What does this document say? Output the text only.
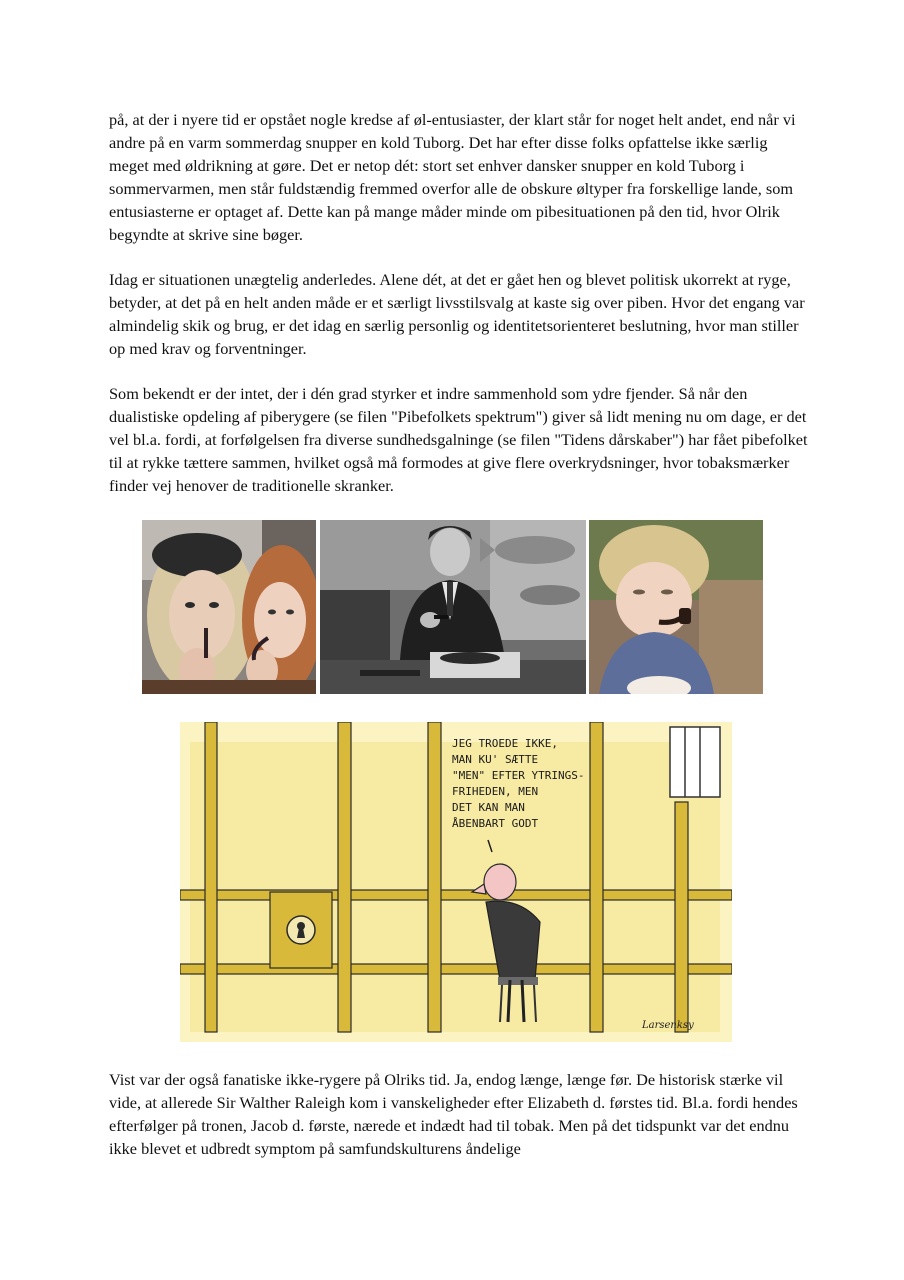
på, at der i nyere tid er opstået nogle kredse af øl-entusiaster, der klart står for noget helt andet, end når vi andre på en varm sommerdag snupper en kold Tuborg. Det har efter disse folks opfattelse ikke særlig meget med øldrikning at gøre. Det er netop dét: stort set enhver dansker snupper en kold Tuborg i sommervarmen, men står fuldstændig fremmed overfor alle de obskure øltyper fra forskellige lande, som entusiasterne er optaget af. Dette kan på mange måder minde om pibesituationen på den tid, hvor Olrik begyndte at skrive sine bøger.

Idag er situationen unægtelig anderledes. Alene dét, at det er gået hen og blevet politisk ukorrekt at ryge, betyder, at det på en helt anden måde er et særligt livsstilsvalg at kaste sig over piben. Hvor det engang var almindelig skik og brug, er det idag en særlig personlig og identitetsorienteret beslutning, hvor man stiller op med krav og forventninger.

Som bekendt er der intet, der i dén grad styrker et indre sammenhold som ydre fjender. Så når den dualistiske opdeling af piberygere (se filen "Pibefolkets spektrum") giver så lidt mening nu om dage, er det vel bl.a. fordi, at forfølgelsen fra diverse sundhedsgalninge (se filen "Tidens dårskaber") har fået pibefolket til at rykke tættere sammen, hvilket også må formodes at give flere overkrydsninger, hvor tobaksmærker finder vej henover de traditionelle skranker.

JEG TROEDE IKKE,
MAN KU' SÆTTE
"MEN" EFTER YTRINGS-
FRIHEDEN, MEN
DET KAN MAN
ÅBENBART GODT
Larsenksy

Vist var der også fanatiske ikke-rygere på Olriks tid. Ja, endog længe, længe før. De historisk stærke vil vide, at allerede Sir Walther Raleigh kom i vanskeligheder efter Elizabeth d. førstes tid. Bl.a. fordi hendes efterfølger på tronen, Jacob d. første, nærede et indædt had til tobak. Men på det tidspunkt var det endnu ikke blevet et udbredt symptom på samfundskulturens åndelige
